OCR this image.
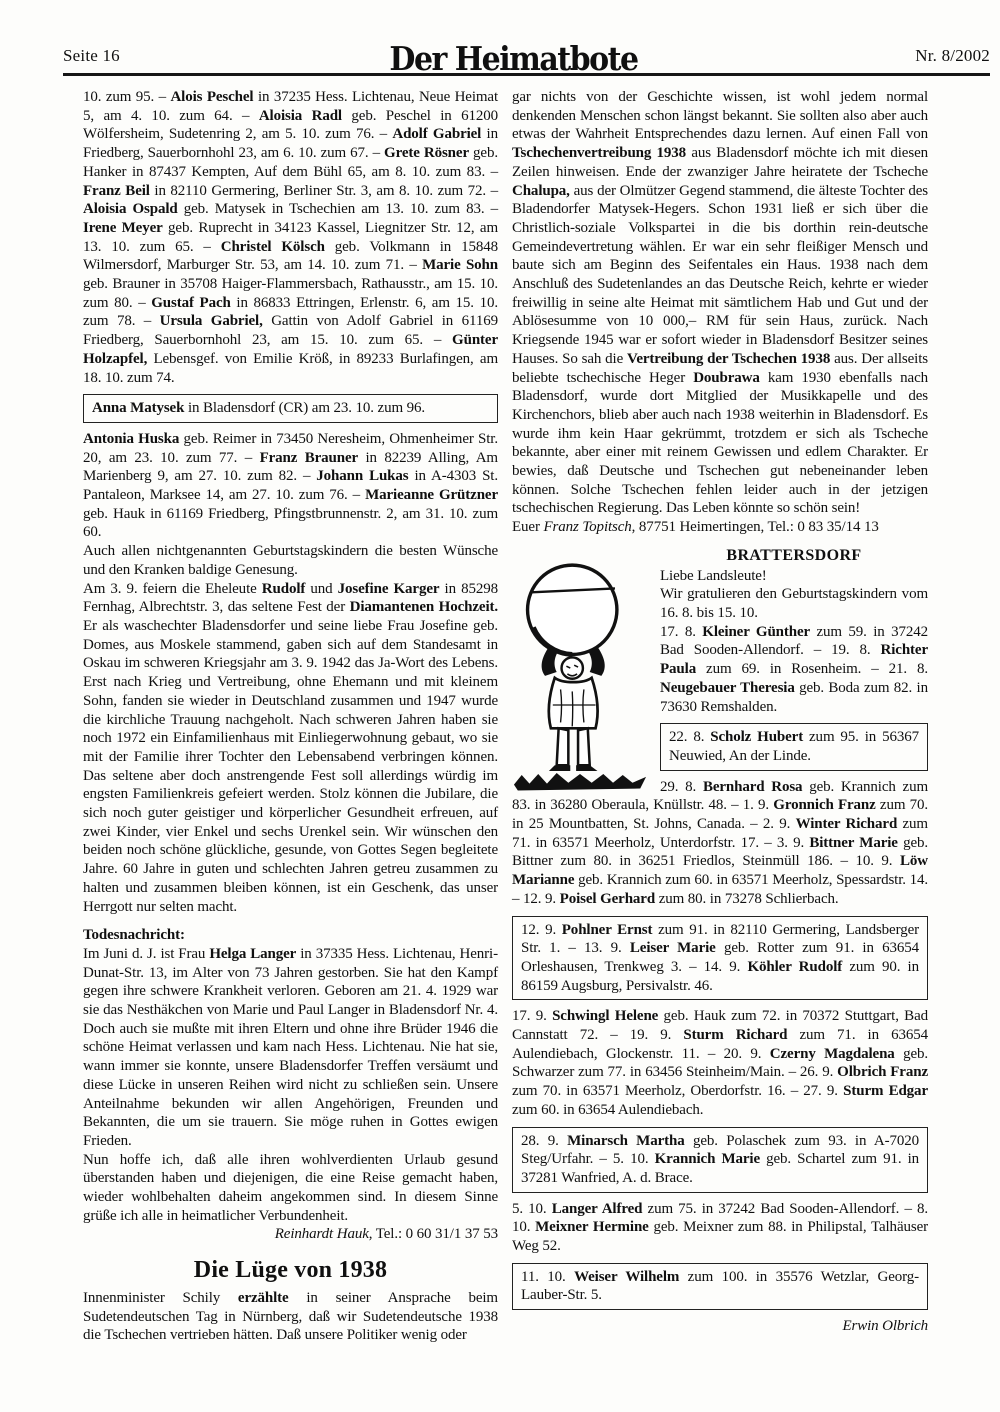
Seite 16	Der Heimatbote	Nr. 8/2002

10. zum 95. – Alois Peschel in 37235 Hess. Lichtenau, Neue Heimat 5, am 4. 10. zum 64. – Aloisia Radl geb. Peschel in 61200 Wölfersheim, Sudetenring 2, am 5. 10. zum 76. – Adolf Gabriel in Friedberg, Sauerbornhohl 23, am 6. 10. zum 67. – Grete Rösner geb. Hanker in 87437 Kempten, Auf dem Bühl 65, am 8. 10. zum 83. – Franz Beil in 82110 Germering, Berliner Str. 3, am 8. 10. zum 72. – Aloisia Ospald geb. Matysek in Tschechien am 13. 10. zum 83. – Irene Meyer geb. Ruprecht in 34123 Kassel, Liegnitzer Str. 12, am 13. 10. zum 65. – Christel Kölsch geb. Volkmann in 15848 Wilmersdorf, Marburger Str. 53, am 14. 10. zum 71. – Marie Sohn geb. Brauner in 35708 Haiger-Flammersbach, Rathausstr., am 15. 10. zum 80. – Gustaf Pach in 86833 Ettringen, Erlenstr. 6, am 15. 10. zum 78. – Ursula Gabriel, Gattin von Adolf Gabriel in 61169 Friedberg, Sauerbornhohl 23, am 15. 10. zum 65. – Günter Holzapfel, Lebensgef. von Emilie Kröß, in 89233 Burlafingen, am 18. 10. zum 74.

Anna Matysek in Bladensdorf (CR) am 23. 10. zum 96.

Antonia Huska geb. Reimer in 73450 Neresheim, Ohmenheimer Str. 20, am 23. 10. zum 77. – Franz Brauner in 82239 Alling, Am Marienberg 9, am 27. 10. zum 82. – Johann Lukas in A-4303 St. Pantaleon, Marksee 14, am 27. 10. zum 76. – Marieanne Grützner geb. Hauk in 61169 Friedberg, Pfingstbrunnenstr. 2, am 31. 10. zum 60.

Auch allen nichtgenannten Geburtstagskindern die besten Wünsche und den Kranken baldige Genesung.

Am 3. 9. feiern die Eheleute Rudolf und Josefine Karger in 85298 Fernhag, Albrechtstr. 3, das seltene Fest der Diamantenen Hochzeit. Er als waschechter Bladensdorfer und seine liebe Frau Josefine geb. Domes, aus Moskele stammend, gaben sich auf dem Standesamt in Oskau im schweren Kriegsjahr am 3. 9. 1942 das Ja-Wort des Lebens. Erst nach Krieg und Vertreibung, ohne Ehemann und mit kleinem Sohn, fanden sie wieder in Deutschland zusammen und 1947 wurde die kirchliche Trauung nachgeholt. Nach schweren Jahren haben sie noch 1972 ein Einfamilienhaus mit Einliegerwohnung gebaut, wo sie mit der Familie ihrer Tochter den Lebensabend verbringen können. Das seltene aber doch anstrengende Fest soll allerdings würdig im engsten Familienkreis gefeiert werden. Stolz können die Jubilare, die sich noch guter geistiger und körperlicher Gesundheit erfreuen, auf zwei Kinder, vier Enkel und sechs Urenkel sein. Wir wünschen den beiden noch schöne glückliche, gesunde, von Gottes Segen begleitete Jahre. 60 Jahre in guten und schlechten Jahren getreu zusammen zu halten und zusammen bleiben können, ist ein Geschenk, das unser Herrgott nur selten macht.

Todesnachricht:

Im Juni d. J. ist Frau Helga Langer in 37335 Hess. Lichtenau, Henri-Dunat-Str. 13, im Alter von 73 Jahren gestorben. Sie hat den Kampf gegen ihre schwere Krankheit verloren. Geboren am 21. 4. 1929 war sie das Nesthäkchen von Marie und Paul Langer in Bladensdorf Nr. 4. Doch auch sie mußte mit ihren Eltern und ohne ihre Brüder 1946 die schöne Heimat verlassen und kam nach Hess. Lichtenau. Nie hat sie, wann immer sie konnte, unsere Bladensdorfer Treffen versäumt und diese Lücke in unseren Reihen wird nicht zu schließen sein. Unsere Anteilnahme bekunden wir allen Angehörigen, Freunden und Bekannten, die um sie trauern. Sie möge ruhen in Gottes ewigen Frieden.

Nun hoffe ich, daß alle ihren wohlverdienten Urlaub gesund überstanden haben und diejenigen, die eine Reise gemacht haben, wieder wohlbehalten daheim angekommen sind. In diesem Sinne grüße ich alle in heimatlicher Verbundenheit.

Reinhardt Hauk, Tel.: 0 60 31/1 37 53

Die Lüge von 1938

Innenminister Schily erzählte in seiner Ansprache beim Sudetendeutschen Tag in Nürnberg, daß wir Sudetendeutsche 1938 die Tschechen vertrieben hätten. Daß unsere Politiker wenig oder

gar nichts von der Geschichte wissen, ist wohl jedem normal denkenden Menschen schon längst bekannt. Sie sollten also aber auch etwas der Wahrheit Entsprechendes dazu lernen. Auf einen Fall von Tschechenvertreibung 1938 aus Bladensdorf möchte ich mit diesen Zeilen hinweisen. Ende der zwanziger Jahre heiratete der Tscheche Chalupa, aus der Olmützer Gegend stammend, die älteste Tochter des Bladendorfer Matysek-Hegers. Schon 1931 ließ er sich über die Christlich-soziale Volkspartei in die bis dorthin rein-deutsche Gemeindevertretung wählen. Er war ein sehr fleißiger Mensch und baute sich am Beginn des Seifentales ein Haus. 1938 nach dem Anschluß des Sudetenlandes an das Deutsche Reich, kehrte er wieder freiwillig in seine alte Heimat mit sämtlichem Hab und Gut und der Ablösesumme von 10 000,– RM für sein Haus, zurück. Nach Kriegsende 1945 war er sofort wieder in Bladensdorf Besitzer seines Hauses. So sah die Vertreibung der Tschechen 1938 aus. Der allseits beliebte tschechische Heger Doubrawa kam 1930 ebenfalls nach Bladensdorf, wurde dort Mitglied der Musikkapelle und des Kirchenchors, blieb aber auch nach 1938 weiterhin in Bladensdorf. Es wurde ihm kein Haar gekrümmt, trotzdem er sich als Tscheche bekannte, aber einer mit reinem Gewissen und edlem Charakter. Er bewies, daß Deutsche und Tschechen gut nebeneinander leben können. Solche Tschechen fehlen leider auch in der jetzigen tschechischen Regierung. Das Leben könnte so schön sein!

Euer Franz Topitsch, 87751 Heimertingen, Tel.: 0 83 35/14 13

BRATTERSDORF

Liebe Landsleute!

Wir gratulieren den Geburtstagskindern vom 16. 8. bis 15. 10.

17. 8. Kleiner Günther zum 59. in 37242 Bad Sooden-Allendorf. – 19. 8. Richter Paula zum 69. in Rosenheim. – 21. 8. Neugebauer Theresia geb. Boda zum 82. in 73630 Remshalden.

22. 8. Scholz Hubert zum 95. in 56367 Neuwied, An der Linde.

29. 8. Bernhard Rosa geb. Krannich zum 83. in 36280 Oberaula, Knüllstr. 48. – 1. 9. Gronnich Franz zum 70. in 25 Mountbatten, St. Johns, Canada. – 2. 9. Winter Richard zum 71. in 63571 Meerholz, Unterdorfstr. 17. – 3. 9. Bittner Marie geb. Bittner zum 80. in 36251 Friedlos, Steinmüll 186. – 10. 9. Löw Marianne geb. Krannich zum 60. in 63571 Meerholz, Spessardstr. 14. – 12. 9. Poisel Gerhard zum 80. in 73278 Schlierbach.

12. 9. Pohlner Ernst zum 91. in 82110 Germering, Landsberger Str. 1. – 13. 9. Leiser Marie geb. Rotter zum 91. in 63654 Orleshausen, Trenkweg 3. – 14. 9. Köhler Rudolf zum 90. in 86159 Augsburg, Persivalstr. 46.

17. 9. Schwingl Helene geb. Hauk zum 72. in 70372 Stuttgart, Bad Cannstatt 72. – 19. 9. Sturm Richard zum 71. in 63654 Aulendiebach, Glockenstr. 11. – 20. 9. Czerny Magdalena geb. Schwarzer zum 77. in 63456 Steinheim/Main. – 26. 9. Olbrich Franz zum 70. in 63571 Meerholz, Oberdorfstr. 16. – 27. 9. Sturm Edgar zum 60. in 63654 Aulendiebach.

28. 9. Minarsch Martha geb. Polaschek zum 93. in A-7020 Steg/Urfahr. – 5. 10. Krannich Marie geb. Schartel zum 91. in 37281 Wanfried, A. d. Brace.

5. 10. Langer Alfred zum 75. in 37242 Bad Sooden-Allendorf. – 8. 10. Meixner Hermine geb. Meixner zum 88. in Philipstal, Talhäuser Weg 52.

11. 10. Weiser Wilhelm zum 100. in 35576 Wetzlar, Georg-Lauber-Str. 5.

Erwin Olbrich
